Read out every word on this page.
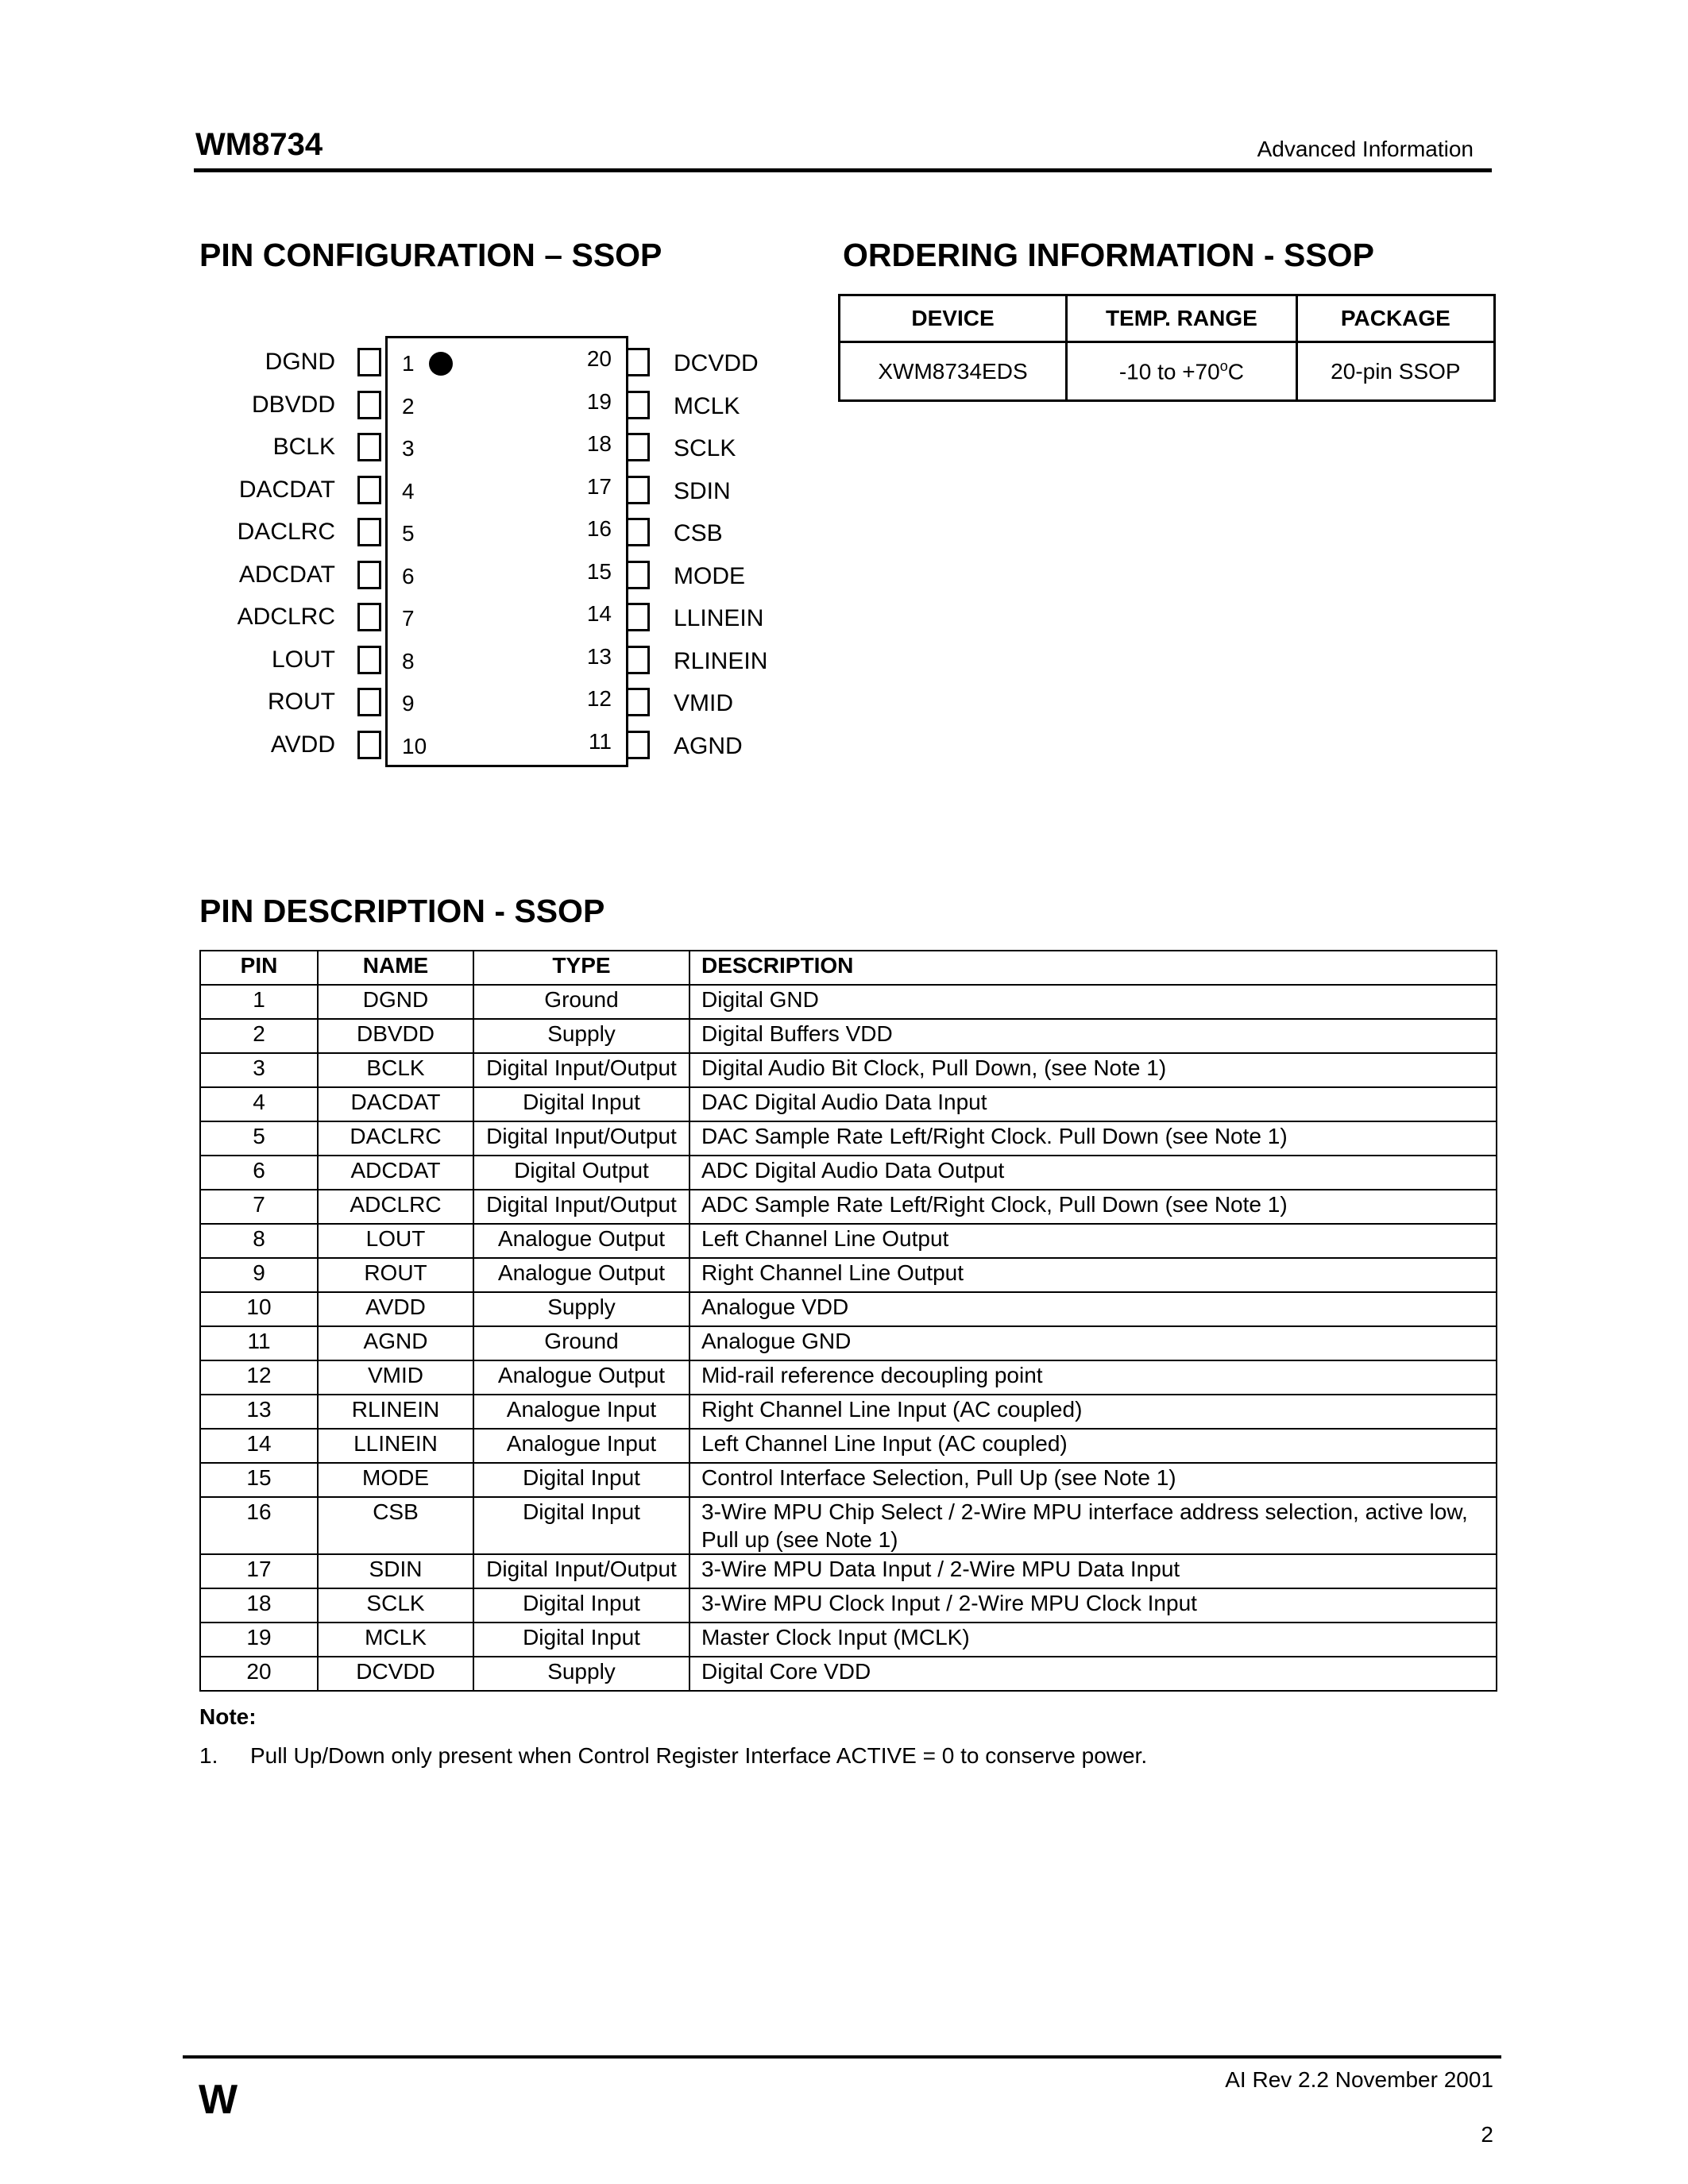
WM8734	Advanced Information
PIN CONFIGURATION – SSOP
DGND	1
DBVDD	2
BCLK	3
DACDAT	4
DACLRC	5
ADCDAT	6
ADCLRC	7
LOUT	8
ROUT	9
AVDD	10
20	DCVDD
19	MCLK
18	SCLK
17	SDIN
16	CSB
15	MODE
14	LLINEIN
13	RLINEIN
12	VMID
11	AGND
ORDERING INFORMATION - SSOP
DEVICE	TEMP. RANGE	PACKAGE
XWM8734EDS	-10 to $+70^oC$	20-pin SSOP
PIN DESCRIPTION - SSOP
PIN	NAME	TYPE	DESCRIPTION
1	DGND	Ground	Digital GND
2	DBVDD	Supply	Digital Buffers VDD
3	BCLK	Digital Input/Output	Digital Audio Bit Clock, Pull Down, (see Note 1)
4	DACDAT	Digital Input	DAC Digital Audio Data Input
5	DACLRC	Digital Input/Output	DAC Sample Rate Left/Right Clock. Pull Down (see Note 1)
6	ADCDAT	Digital Output	ADC Digital Audio Data Output
7	ADCLRC	Digital Input/Output	ADC Sample Rate Left/Right Clock, Pull Down (see Note 1)
8	LOUT	Analogue Output	Left Channel Line Output
9	ROUT	Analogue Output	Right Channel Line Output
10	AVDD	Supply	Analogue VDD
11	AGND	Ground	Analogue GND
12	VMID	Analogue Output	Mid-rail reference decoupling point
13	RLINEIN	Analogue Input	Right Channel Line Input (AC coupled)
14	LLINEIN	Analogue Input	Left Channel Line Input (AC coupled)
15	MODE	Digital Input	Control Interface Selection, Pull Up (see Note 1)
16	CSB	Digital Input	3-Wire MPU Chip Select / 2-Wire MPU interface address selection, active low, Pull up (see Note 1)
17	SDIN	Digital Input/Output	3-Wire MPU Data Input / 2-Wire MPU Data Input
18	SCLK	Digital Input	3-Wire MPU Clock Input / 2-Wire MPU Clock Input
19	MCLK	Digital Input	Master Clock Input (MCLK)
20	DCVDD	Supply	Digital Core VDD
Note:
1. Pull Up/Down only present when Control Register Interface ACTIVE = 0 to conserve power.
W	AI Rev 2.2 November 2001
2
